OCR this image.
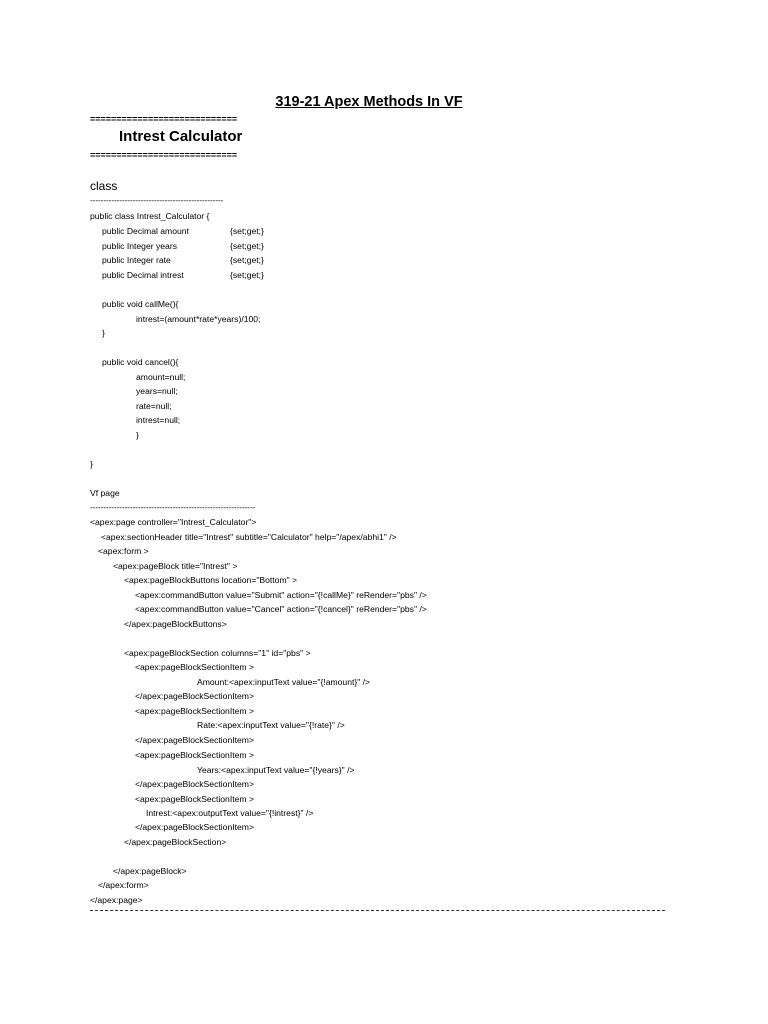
319-21 Apex Methods In VF
============================
Intrest Calculator
============================
class
--------------------------------------------------
public class Intrest_Calculator {
public Decimal amount	{set;get;}
public Integer years	{set;get;}
public Integer rate	{set;get;}
public Decimal intrest	{set;get;}
public void callMe(){
intrest=(amount*rate*years)/100;
}
public void cancel(){
amount=null;
years=null;
rate=null;
intrest=null;
}
}
Vf page
--------------------------------------------------------------
<apex:page controller="Intrest_Calculator">
<apex:sectionHeader title="Intrest" subtitle="Calculator" help="/apex/abhi1" />
<apex:form >
<apex:pageBlock title="Intrest" >
<apex:pageBlockButtons location="Bottom" >
<apex:commandButton value="Submit" action="{!callMe}" reRender="pbs" />
<apex:commandButton value="Cancel" action="{!cancel}" reRender="pbs" />
</apex:pageBlockButtons>
<apex:pageBlockSection columns="1" id="pbs" >
<apex:pageBlockSectionItem >
Amount:<apex:inputText value="{!amount}" />
</apex:pageBlockSectionItem>
<apex:pageBlockSectionItem >
Rate:<apex:inputText value="{!rate}" />
</apex:pageBlockSectionItem>
<apex:pageBlockSectionItem >
Years:<apex:inputText value="{!years}" />
</apex:pageBlockSectionItem>
<apex:pageBlockSectionItem >
Intrest:<apex:outputText value="{!intrest}" />
</apex:pageBlockSectionItem>
</apex:pageBlockSection>
</apex:pageBlock>
</apex:form>
</apex:page>
